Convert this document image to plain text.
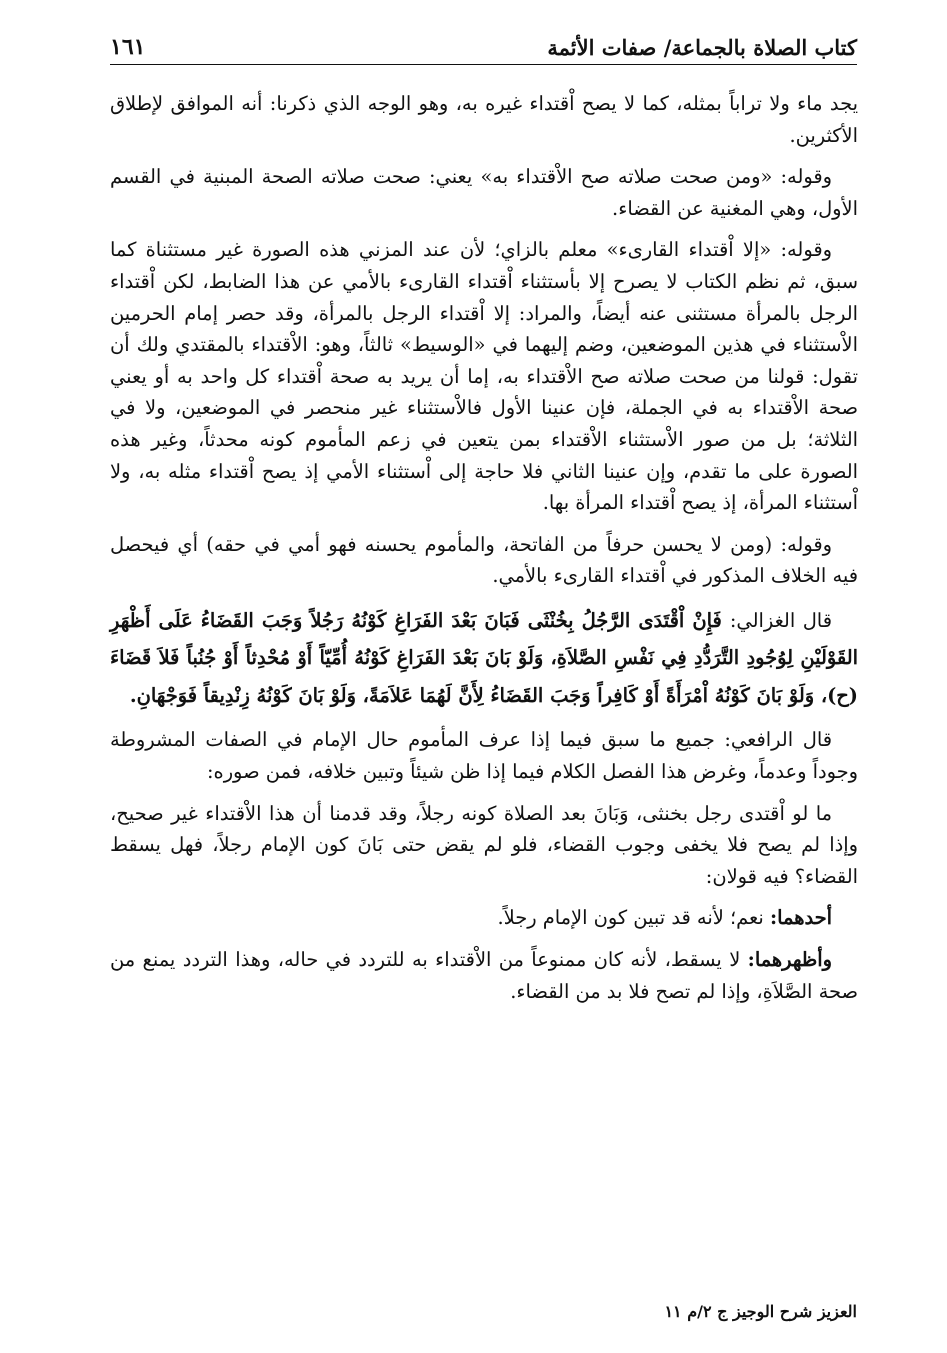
١٦١	كتاب الصلاة بالجماعة/ صفات الأئمة

يجد ماء ولا تراباً بمثله، كما لا يصح اْقتداء غيره به، وهو الوجه الذي ذكرنا: أنه الموافق لإطلاق الأكثرين.

وقوله: «ومن صحت صلاته صح الاْقتداء به» يعني: صحت صلاته الصحة المبنية في القسم الأول، وهي المغنية عن القضاء.

وقوله: «إلا اْقتداء القارىء» معلم بالزاي؛ لأن عند المزني هذه الصورة غير مستثناة كما سبق، ثم نظم الكتاب لا يصرح إلا بأستثناء اْقتداء القارىء بالأمي عن هذا الضابط، لكن اْقتداء الرجل بالمرأة مستثنى عنه أيضاً، والمراد: إلا اْقتداء الرجل بالمرأة، وقد حصر إمام الحرمين الاْستثناء في هذين الموضعين، وضم إليهما في «الوسيط» ثالثاً، وهو: الاْقتداء بالمقتدي ولك أن تقول: قولنا من صحت صلاته صح الاْقتداء به، إما أن يريد به صحة اْقتداء كل واحد به أو يعني صحة الاْقتداء به في الجملة، فإن عنينا الأول فالاْستثناء غير منحصر في الموضعين، ولا في الثلاثة؛ بل من صور الاْستثناء الاْقتداء بمن يتعين في زعم المأموم كونه محدثاً، وغير هذه الصورة على ما تقدم، وإن عنينا الثاني فلا حاجة إلى اْستثناء الأمي إذ يصح اْقتداء مثله به، ولا اْستثناء المرأة، إذ يصح اْقتداء المرأة بها.

وقوله: (ومن لا يحسن حرفاً من الفاتحة، والمأموم يحسنه فهو أمي في حقه) أي فيحصل فيه الخلاف المذكور في اْقتداء القارىء بالأمي.

قال الغزالي: فَإِنْ اْقْتَدَى الرَّجُلُ بِخُنْثَى فَبَانَ بَعْدَ الفَرَاغِ كَوْنُهُ رَجُلاً وَجَبَ القَضَاءُ عَلَى أَظْهَرِ القَوْلَيْنِ لِوُجُودِ التَّرَدُّدِ فِي نَفْسِ الصَّلاَةِ، وَلَوْ بَانَ بَعْدَ الفَرَاغِ كَوْنُهُ أُمِّيّاً أَوْ مُحْدِثاً أَوْ جُنُباً فَلاَ قَضَاءَ (ح)، وَلَوْ بَانَ كَوْنُهُ اْمْرَأَةً أَوْ كَافِراً وَجَبَ القَضَاءُ لِأَنَّ لَهُمَا عَلاَمَةً، وَلَوْ بَانَ كَوْنُهُ زِنْدِيقاً فَوَجْهَانِ.

قال الرافعي: جميع ما سبق فيما إذا عرف المأموم حال الإمام في الصفات المشروطة وجوداً وعدماً، وغرض هذا الفصل الكلام فيما إذا ظن شيئاً وتبين خلافه، فمن صوره:

ما لو اْقتدى رجل بخنثى، وَبَانَ بعد الصلاة كونه رجلاً، وقد قدمنا أن هذا الاْقتداء غير صحيح، وإذا لم يصح فلا يخفى وجوب القضاء، فلو لم يقض حتى بَانَ كون الإمام رجلاً، فهل يسقط القضاء؟ فيه قولان:

أحدهما: نعم؛ لأنه قد تبين كون الإمام رجلاً.

وأظهرهما: لا يسقط، لأنه كان ممنوعاً من الاْقتداء به للتردد في حاله، وهذا التردد يمنع من صحة الصَّلاَةِ، وإذا لم تصح فلا بد من القضاء.

العزيز شرح الوجيز ج ٢/م ١١
